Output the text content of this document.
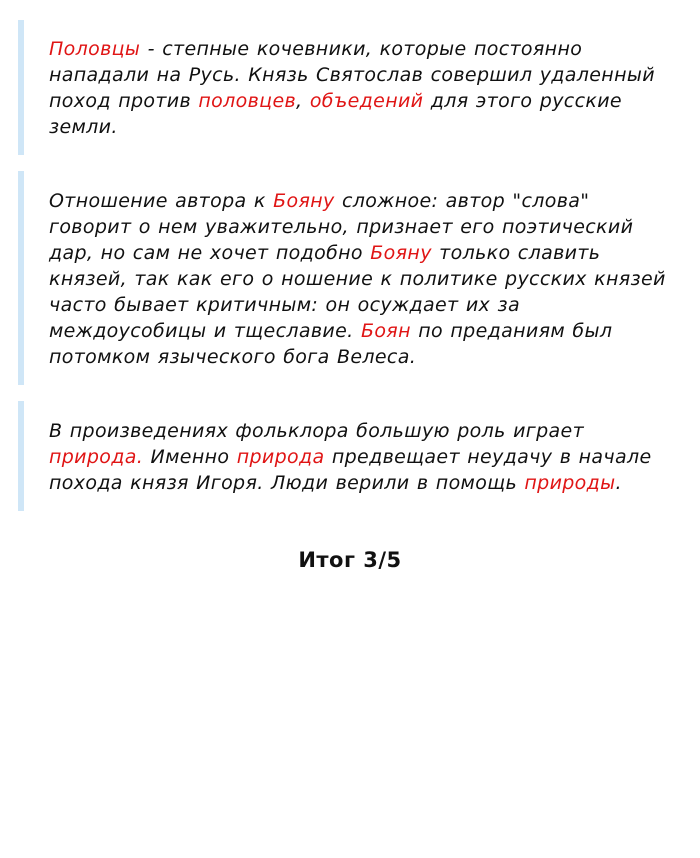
Половцы - степные кочевники, которые постоянно нападали на Русь. Князь Святослав совершил удаленный поход против половцев, объедений для этого русские земли.

Отношение автора к Бояну сложное: автор "слова" говорит о нем уважительно, признает его поэтический дар, но сам не хочет подобно Бояну только славить князей, так как его о ношение к политике русских князей часто бывает критичным: он осуждает их за междоусобицы и тщеславие. Боян по преданиям был потомком языческого бога Велеса.

В произведениях фольклора большую роль играет природа. Именно природа предвещает неудачу в начале похода князя Игоря. Люди верили в помощь природы.

Итог 3/5
